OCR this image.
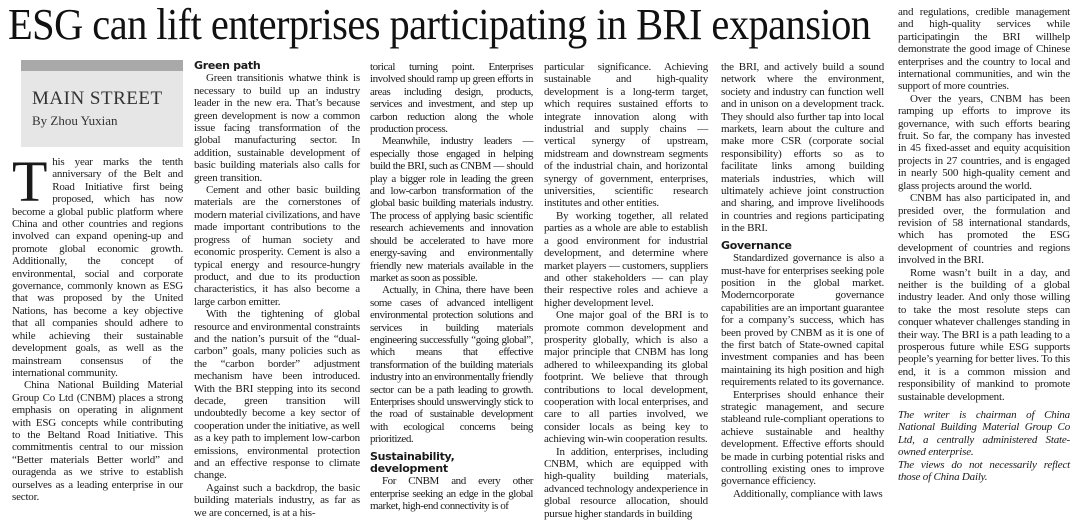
ESG can lift enterprises participating in BRI expansion
MAIN STREET
By Zhou Yuxian

This year marks the tenth anniversary of the Belt and Road Initiative first being proposed, which has now become a global public platform where China and other countries and regions involved can expand opening-up and promote global economic growth. Additionally, the concept of environmental, social and corporate governance, commonly known as ESG that was proposed by the United Nations, has become a key objective that all companies should adhere to while achieving their sustainable development goals, as well as the mainstream consensus of the international community.

China National Building Material Group Co Ltd (CNBM) places a strong emphasis on operating in alignment with ESG concepts while contributing to the Beltand Road Initiative. This commitmentis central to our mission “Better materials Better world” and ouragenda as we strive to establish ourselves as a leading enterprise in our sector.

Green path

Green transitionis whatwe think is necessary to build up an industry leader in the new era. That’s because green development is now a common issue facing transformation of the global manufacturing sector. In addition, sustainable development of basic building materials also calls for green transition.

Cement and other basic building materials are the cornerstones of modern material civilizations, and have made important contributions to the progress of human society and economic prosperity. Cement is also a typical energy and resource-hungry product, and due to its production characteristics, it has also become a large carbon emitter.

With the tightening of global resource and environmental constraints and the nation’s pursuit of the “dual-carbon” goals, many policies such as the “carbon border” adjustment mechanism have been introduced. With the BRI stepping into its second decade, green transition will undoubtedly become a key sector of cooperation under the initiative, as well as a key path to implement low-carbon emissions, environmental protection and an effective response to climate change.

Against such a backdrop, the basic building materials industry, as far as we are concerned, is at a his-

torical turning point. Enterprises involved should ramp up green efforts in areas including design, products, services and investment, and step up carbon reduction along the whole production process.

Meanwhile, industry leaders — especially those engaged in helping build the BRI, such as CNBM — should play a bigger role in leading the green and low-carbon transformation of the global basic building materials industry. The process of applying basic scientific research achievements and innovation should be accelerated to have more energy-saving and environmentally friendly new materials available in the market as soon as possible.

Actually, in China, there have been some cases of advanced intelligent environmental protection solutions and services in building materials engineering successfully “going global”, which means that effective transformation of the building materials industry into an environmentally friendly sector can be a path leading to growth. Enterprises should unswervingly stick to the road of sustainable development with ecological concerns being prioritized.

Sustainability, development

For CNBM and every other enterprise seeking an edge in the global market, high-end connectivity is of

particular significance. Achieving sustainable and high-quality development is a long-term target, which requires sustained efforts to integrate innovation along with industrial and supply chains — vertical synergy of upstream, midstream and downstream segments of the industrial chain, and horizontal synergy of government, enterprises, universities, scientific research institutes and other entities.

By working together, all related parties as a whole are able to establish a good environment for industrial development, and determine where market players — customers, suppliers and other stakeholders — can play their respective roles and achieve a higher development level.

One major goal of the BRI is to promote common development and prosperity globally, which is also a major principle that CNBM has long adhered to whileexpanding its global footprint. We believe that through contributions to local development, cooperation with local enterprises, and care to all parties involved, we consider locals as being key to achieving win-win cooperation results.

In addition, enterprises, including CNBM, which are equipped with high-quality building materials, advanced technology andexperience in global resource allocation, should pursue higher standards in building

the BRI, and actively build a sound network where the environment, society and industry can function well and in unison on a development track. They should also further tap into local markets, learn about the culture and make more CSR (corporate social responsibility) efforts so as to facilitate links among building materials industries, which will ultimately achieve joint construction and sharing, and improve livelihoods in countries and regions participating in the BRI.

Governance

Standardized governance is also a must-have for enterprises seeking pole position in the global market. Moderncorporate governance capabilities are an important guarantee for a company’s success, which has been proved by CNBM as it is one of the first batch of State-owned capital investment companies and has been maintaining its high position and high requirements related to its governance.

Enterprises should enhance their strategic management, and secure stableand rule-compliant operations to achieve sustainable and healthy development. Effective efforts should be made in curbing potential risks and controlling existing ones to improve governance efficiency.

Additionally, compliance with laws

and regulations, credible management and high-quality services while participatingin the BRI willhelp demonstrate the good image of Chinese enterprises and the country to local and international communities, and win the support of more countries.

Over the years, CNBM has been ramping up efforts to improve its governance, with such efforts bearing fruit. So far, the company has invested in 45 fixed-asset and equity acquisition projects in 27 countries, and is engaged in nearly 500 high-quality cement and glass projects around the world.

CNBM has also participated in, and presided over, the formulation and revision of 58 international standards, which has promoted the ESG development of countries and regions involved in the BRI.

Rome wasn’t built in a day, and neither is the building of a global industry leader. And only those willing to take the most resolute steps can conquer whatever challenges standing in their way. The BRI is a path leading to a prosperous future while ESG supports people’s yearning for better lives. To this end, it is a common mission and responsibility of mankind to promote sustainable development.

The writer is chairman of China National Building Material Group Co Ltd, a centrally administered State-owned enterprise.

The views do not necessarily reflect those of China Daily.
